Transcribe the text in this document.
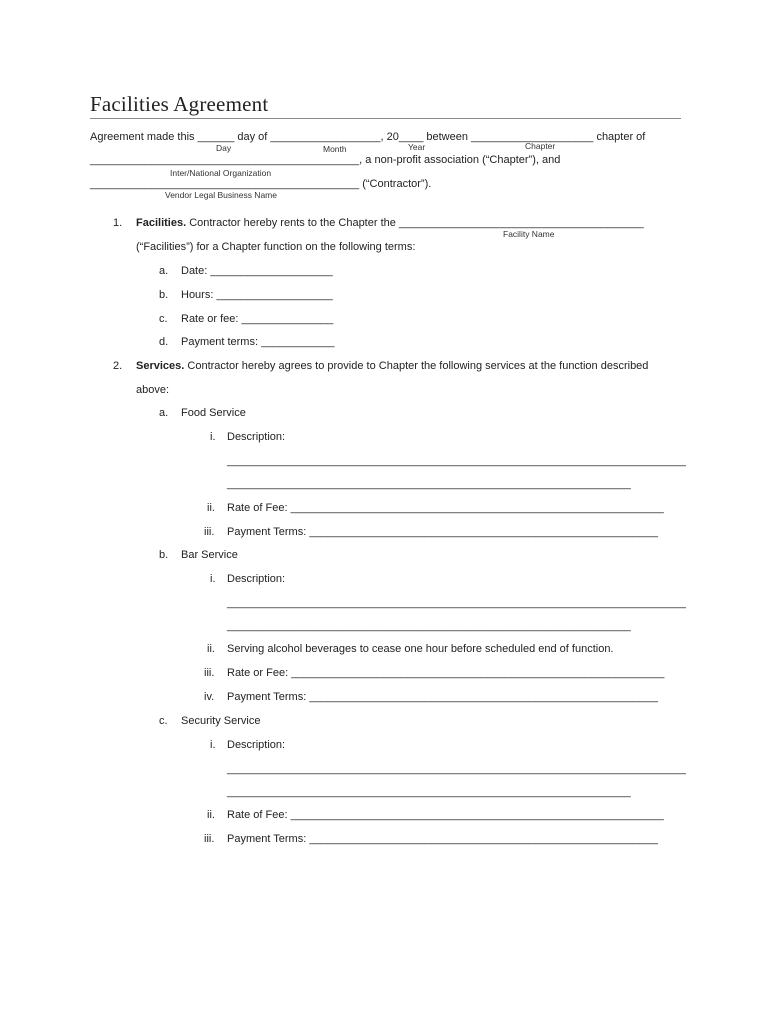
Facilities Agreement
Agreement made this ______ day of __________________, 20____ between ____________________ chapter of
Day	Month	Year	Chapter
____________________________________________, a non-profit association (“Chapter”), and
Inter/National Organization
____________________________________________ (“Contractor”).
Vendor Legal Business Name
1. Facilities. Contractor hereby rents to the Chapter the ________________________________________
Facility Name
(“Facilities”) for a Chapter function on the following terms:
a. Date: ____________________
b. Hours: ___________________
c. Rate or fee: _______________
d. Payment terms: ____________
2. Services. Contractor hereby agrees to provide to Chapter the following services at the function described
above:
a. Food Service
i. Description:
___________________________________________________________________________
__________________________________________________________________
ii. Rate of Fee: _____________________________________________________________
iii. Payment Terms: _________________________________________________________
b. Bar Service
i. Description:
___________________________________________________________________________
__________________________________________________________________
ii. Serving alcohol beverages to cease one hour before scheduled end of function.
iii. Rate or Fee: _____________________________________________________________
iv. Payment Terms: _________________________________________________________
c. Security Service
i. Description:
___________________________________________________________________________
__________________________________________________________________
ii. Rate of Fee: _____________________________________________________________
iii. Payment Terms: _________________________________________________________
